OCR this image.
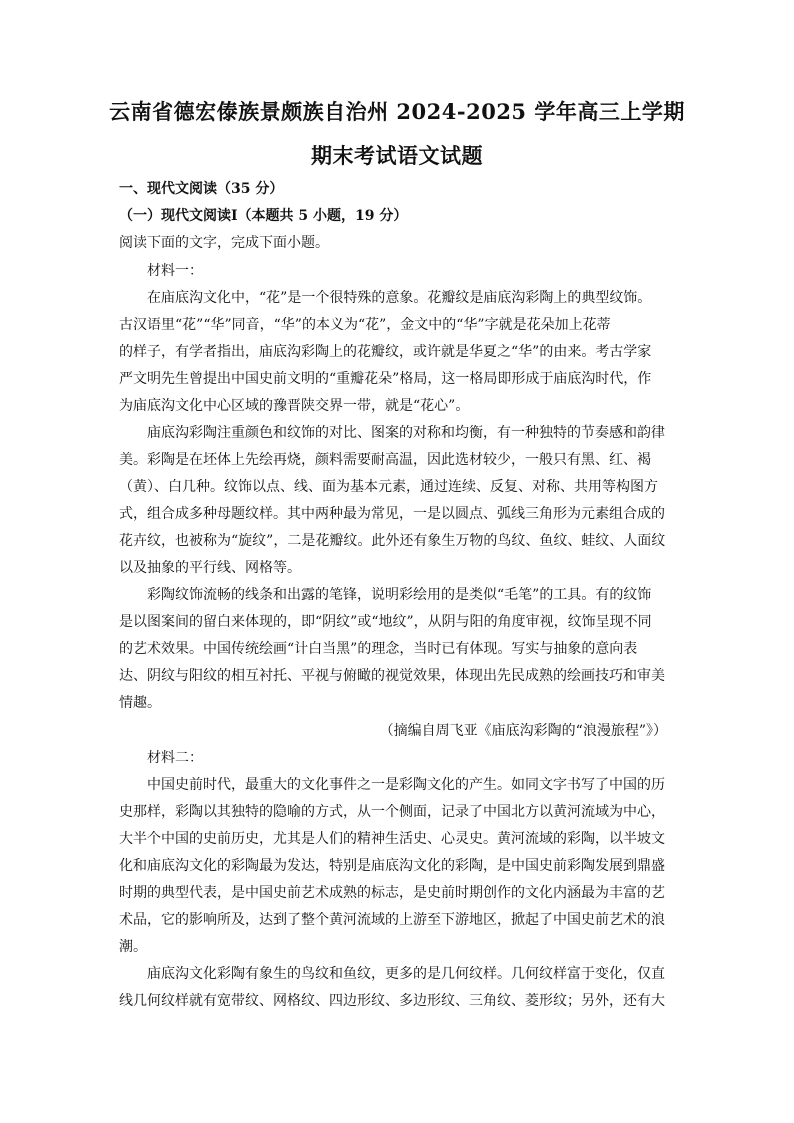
云南省德宏傣族景颇族自治州 2024-2025 学年高三上学期
期末考试语文试题
一、现代文阅读（35 分）
（一）现代文阅读Ⅰ（本题共 5 小题，19 分）
阅读下面的文字，完成下面小题。
材料一：
在庙底沟文化中，“花”是一个很特殊的意象。花瓣纹是庙底沟彩陶上的典型纹饰。
古汉语里“花”“华”同音，“华”的本义为“花”，金文中的“华”字就是花朵加上花蒂
的样子，有学者指出，庙底沟彩陶上的花瓣纹，或许就是华夏之“华”的由来。考古学家
严文明先生曾提出中国史前文明的“重瓣花朵”格局，这一格局即形成于庙底沟时代，作
为庙底沟文化中心区域的豫晋陕交界一带，就是“花心”。
庙底沟彩陶注重颜色和纹饰的对比、图案的对称和均衡，有一种独特的节奏感和韵律
美。彩陶是在坯体上先绘再烧，颜料需要耐高温，因此选材较少，一般只有黑、红、褐
（黄）、白几种。纹饰以点、线、面为基本元素，通过连续、反复、对称、共用等构图方
式，组合成多种母题纹样。其中两种最为常见，一是以圆点、弧线三角形为元素组合成的
花卉纹，也被称为“旋纹”，二是花瓣纹。此外还有象生万物的鸟纹、鱼纹、蛙纹、人面纹
以及抽象的平行线、网格等。
彩陶纹饰流畅的线条和出露的笔锋，说明彩绘用的是类似“毛笔”的工具。有的纹饰
是以图案间的留白来体现的，即“阴纹”或“地纹”，从阴与阳的角度审视，纹饰呈现不同
的艺术效果。中国传统绘画“计白当黑”的理念，当时已有体现。写实与抽象的意向表
达、阴纹与阳纹的相互衬托、平视与俯瞰的视觉效果，体现出先民成熟的绘画技巧和审美
情趣。
（摘编自周飞亚《庙底沟彩陶的“浪漫旅程”》）
材料二：
中国史前时代，最重大的文化事件之一是彩陶文化的产生。如同文字书写了中国的历
史那样，彩陶以其独特的隐喻的方式，从一个侧面，记录了中国北方以黄河流域为中心，
大半个中国的史前历史，尤其是人们的精神生活史、心灵史。黄河流域的彩陶，以半坡文
化和庙底沟文化的彩陶最为发达，特别是庙底沟文化的彩陶，是中国史前彩陶发展到鼎盛
时期的典型代表，是中国史前艺术成熟的标志，是史前时期创作的文化内涵最为丰富的艺
术品，它的影响所及，达到了整个黄河流域的上游至下游地区，掀起了中国史前艺术的浪
潮。
庙底沟文化彩陶有象生的鸟纹和鱼纹，更多的是几何纹样。几何纹样富于变化，仅直
线几何纹样就有宽带纹、网格纹、四边形纹、多边形纹、三角纹、菱形纹；另外，还有大
